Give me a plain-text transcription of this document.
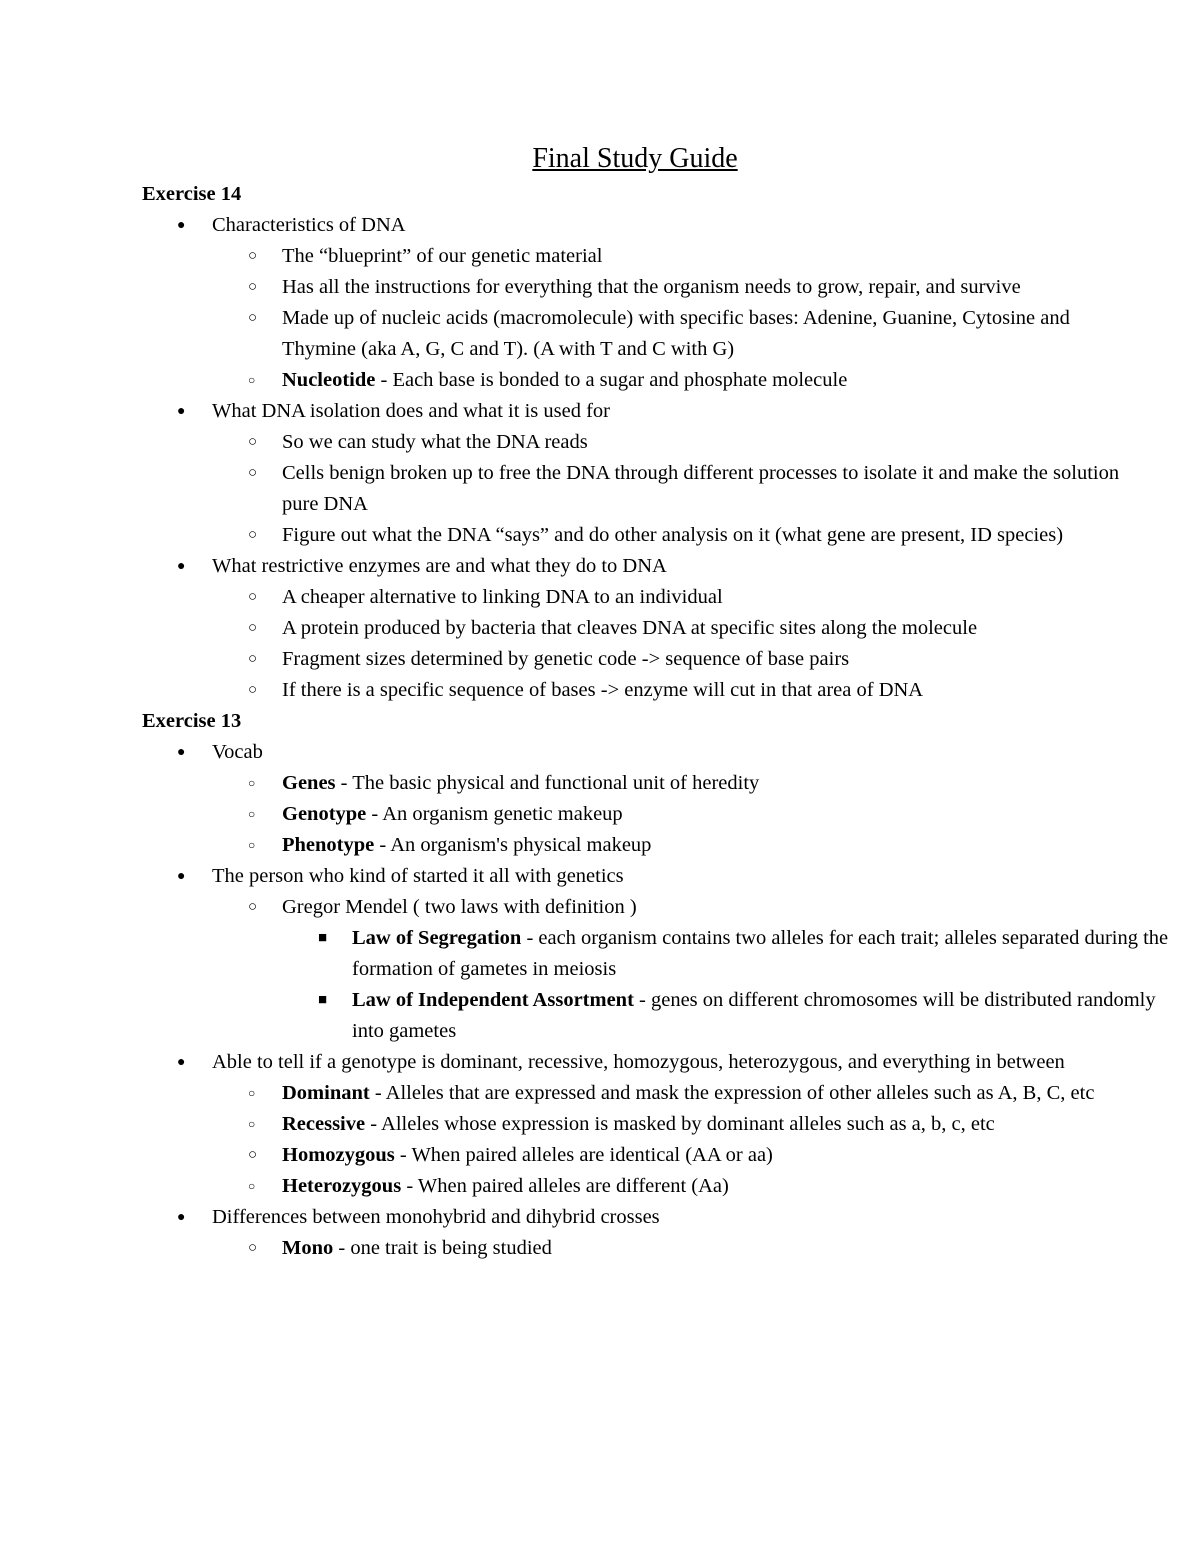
Final Study Guide
Exercise 14
● Characteristics of DNA
○ The “blueprint” of our genetic material
○ Has all the instructions for everything that the organism needs to grow, repair, and survive
○ Made up of nucleic acids (macromolecule) with specific bases: Adenine, Guanine, Cytosine and Thymine (aka A, G, C and T). (A with T and C with G)
○ Nucleotide - Each base is bonded to a sugar and phosphate molecule
● What DNA isolation does and what it is used for
○ So we can study what the DNA reads
○ Cells benign broken up to free the DNA through different processes to isolate it and make the solution pure DNA
○ Figure out what the DNA “says” and do other analysis on it (what gene are present, ID species)
● What restrictive enzymes are and what they do to DNA
○ A cheaper alternative to linking DNA to an individual
○ A protein produced by bacteria that cleaves DNA at specific sites along the molecule
○ Fragment sizes determined by genetic code -> sequence of base pairs
○ If there is a specific sequence of bases -> enzyme will cut in that area of DNA
Exercise 13
● Vocab
○ Genes - The basic physical and functional unit of heredity
○ Genotype - An organism genetic makeup
○ Phenotype - An organism's physical makeup
● The person who kind of started it all with genetics
○ Gregor Mendel ( two laws with definition )
■ Law of Segregation - each organism contains two alleles for each trait; alleles separated during the formation of gametes in meiosis
■ Law of Independent Assortment - genes on different chromosomes will be distributed randomly into gametes
● Able to tell if a genotype is dominant, recessive, homozygous, heterozygous, and everything in between
○ Dominant - Alleles that are expressed and mask the expression of other alleles such as A, B, C, etc
○ Recessive - Alleles whose expression is masked by dominant alleles such as a, b, c, etc
○ Homozygous - When paired alleles are identical (AA or aa)
○ Heterozygous - When paired alleles are different (Aa)
● Differences between monohybrid and dihybrid crosses
○ Mono - one trait is being studied
